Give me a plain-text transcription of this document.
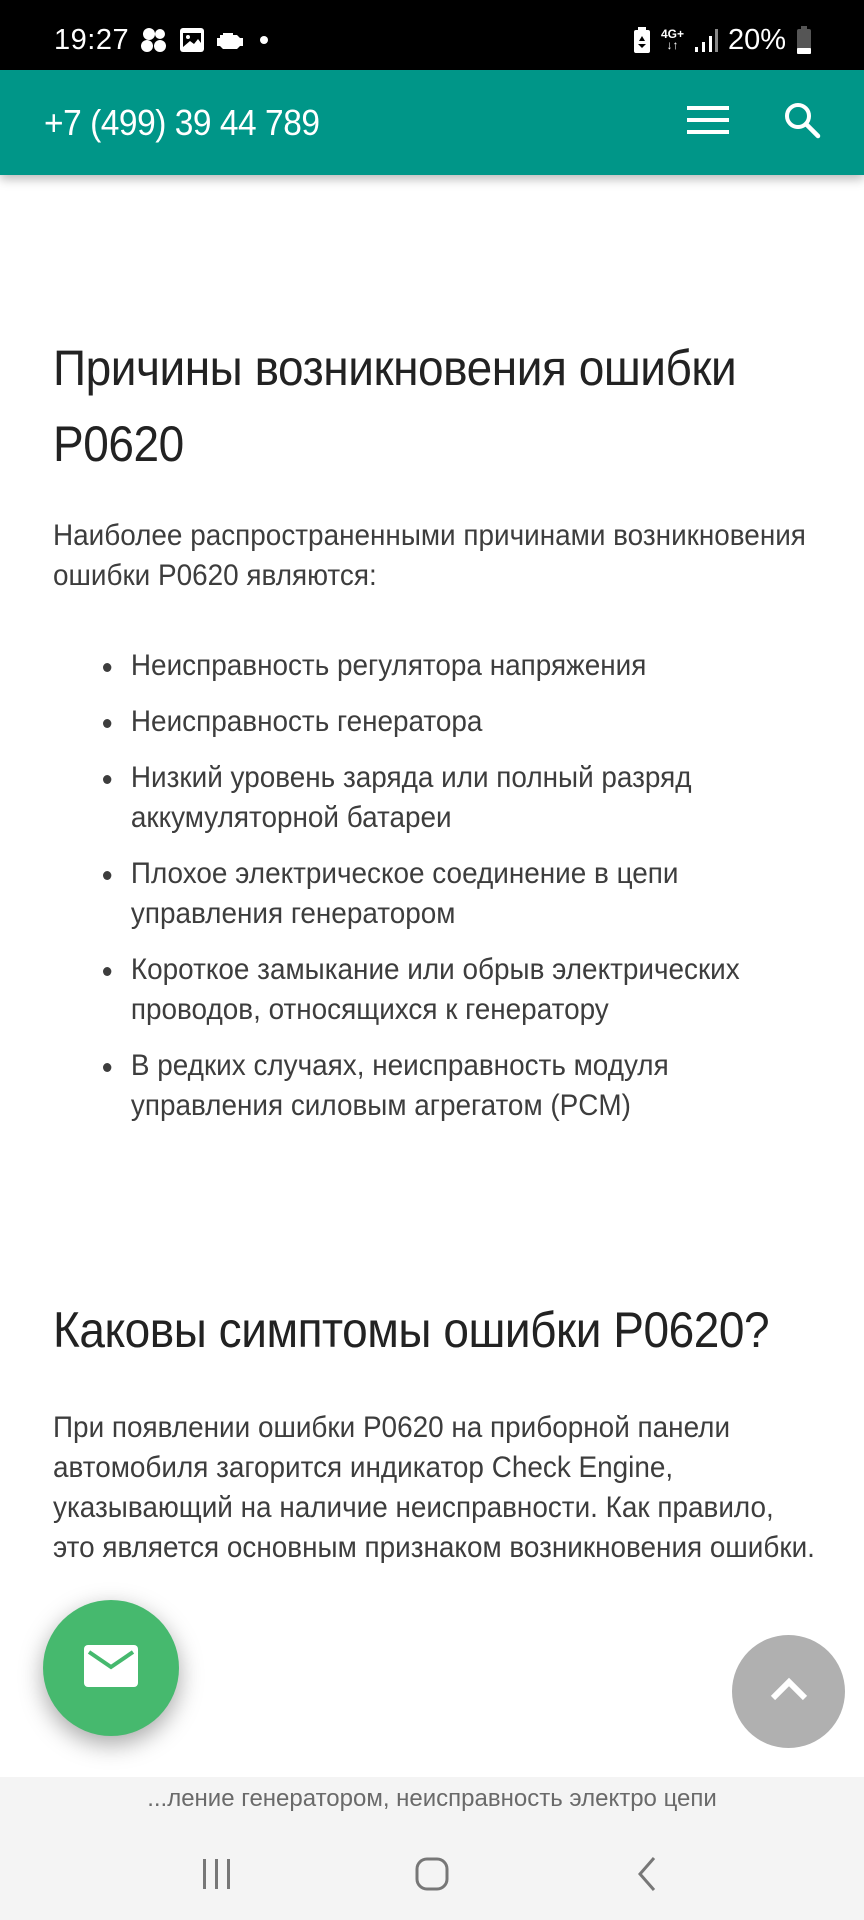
19:27	4G+
↓↑ 20%
+7 (499) 39 44 789
Причины возникновения ошибки P0620

Наиболее распространенными причинами возникновения ошибки P0620 являются:

Неисправность регулятора напряжения
Неисправность генератора
Низкий уровень заряда или полный разряд аккумуляторной батареи
Плохое электрическое соединение в цепи управления генератором
Короткое замыкание или обрыв электрических проводов, относящихся к генератору
В редких случаях, неисправность модуля управления силовым агрегатом (PCM)
Каковы симптомы ошибки P0620?

При появлении ошибки P0620 на приборной панели автомобиля загорится индикатор Check Engine, указывающий на наличие неисправности. Как правило, это является основным признаком возникновения ошибки.

...ление генератором, неисправность электро цепи
